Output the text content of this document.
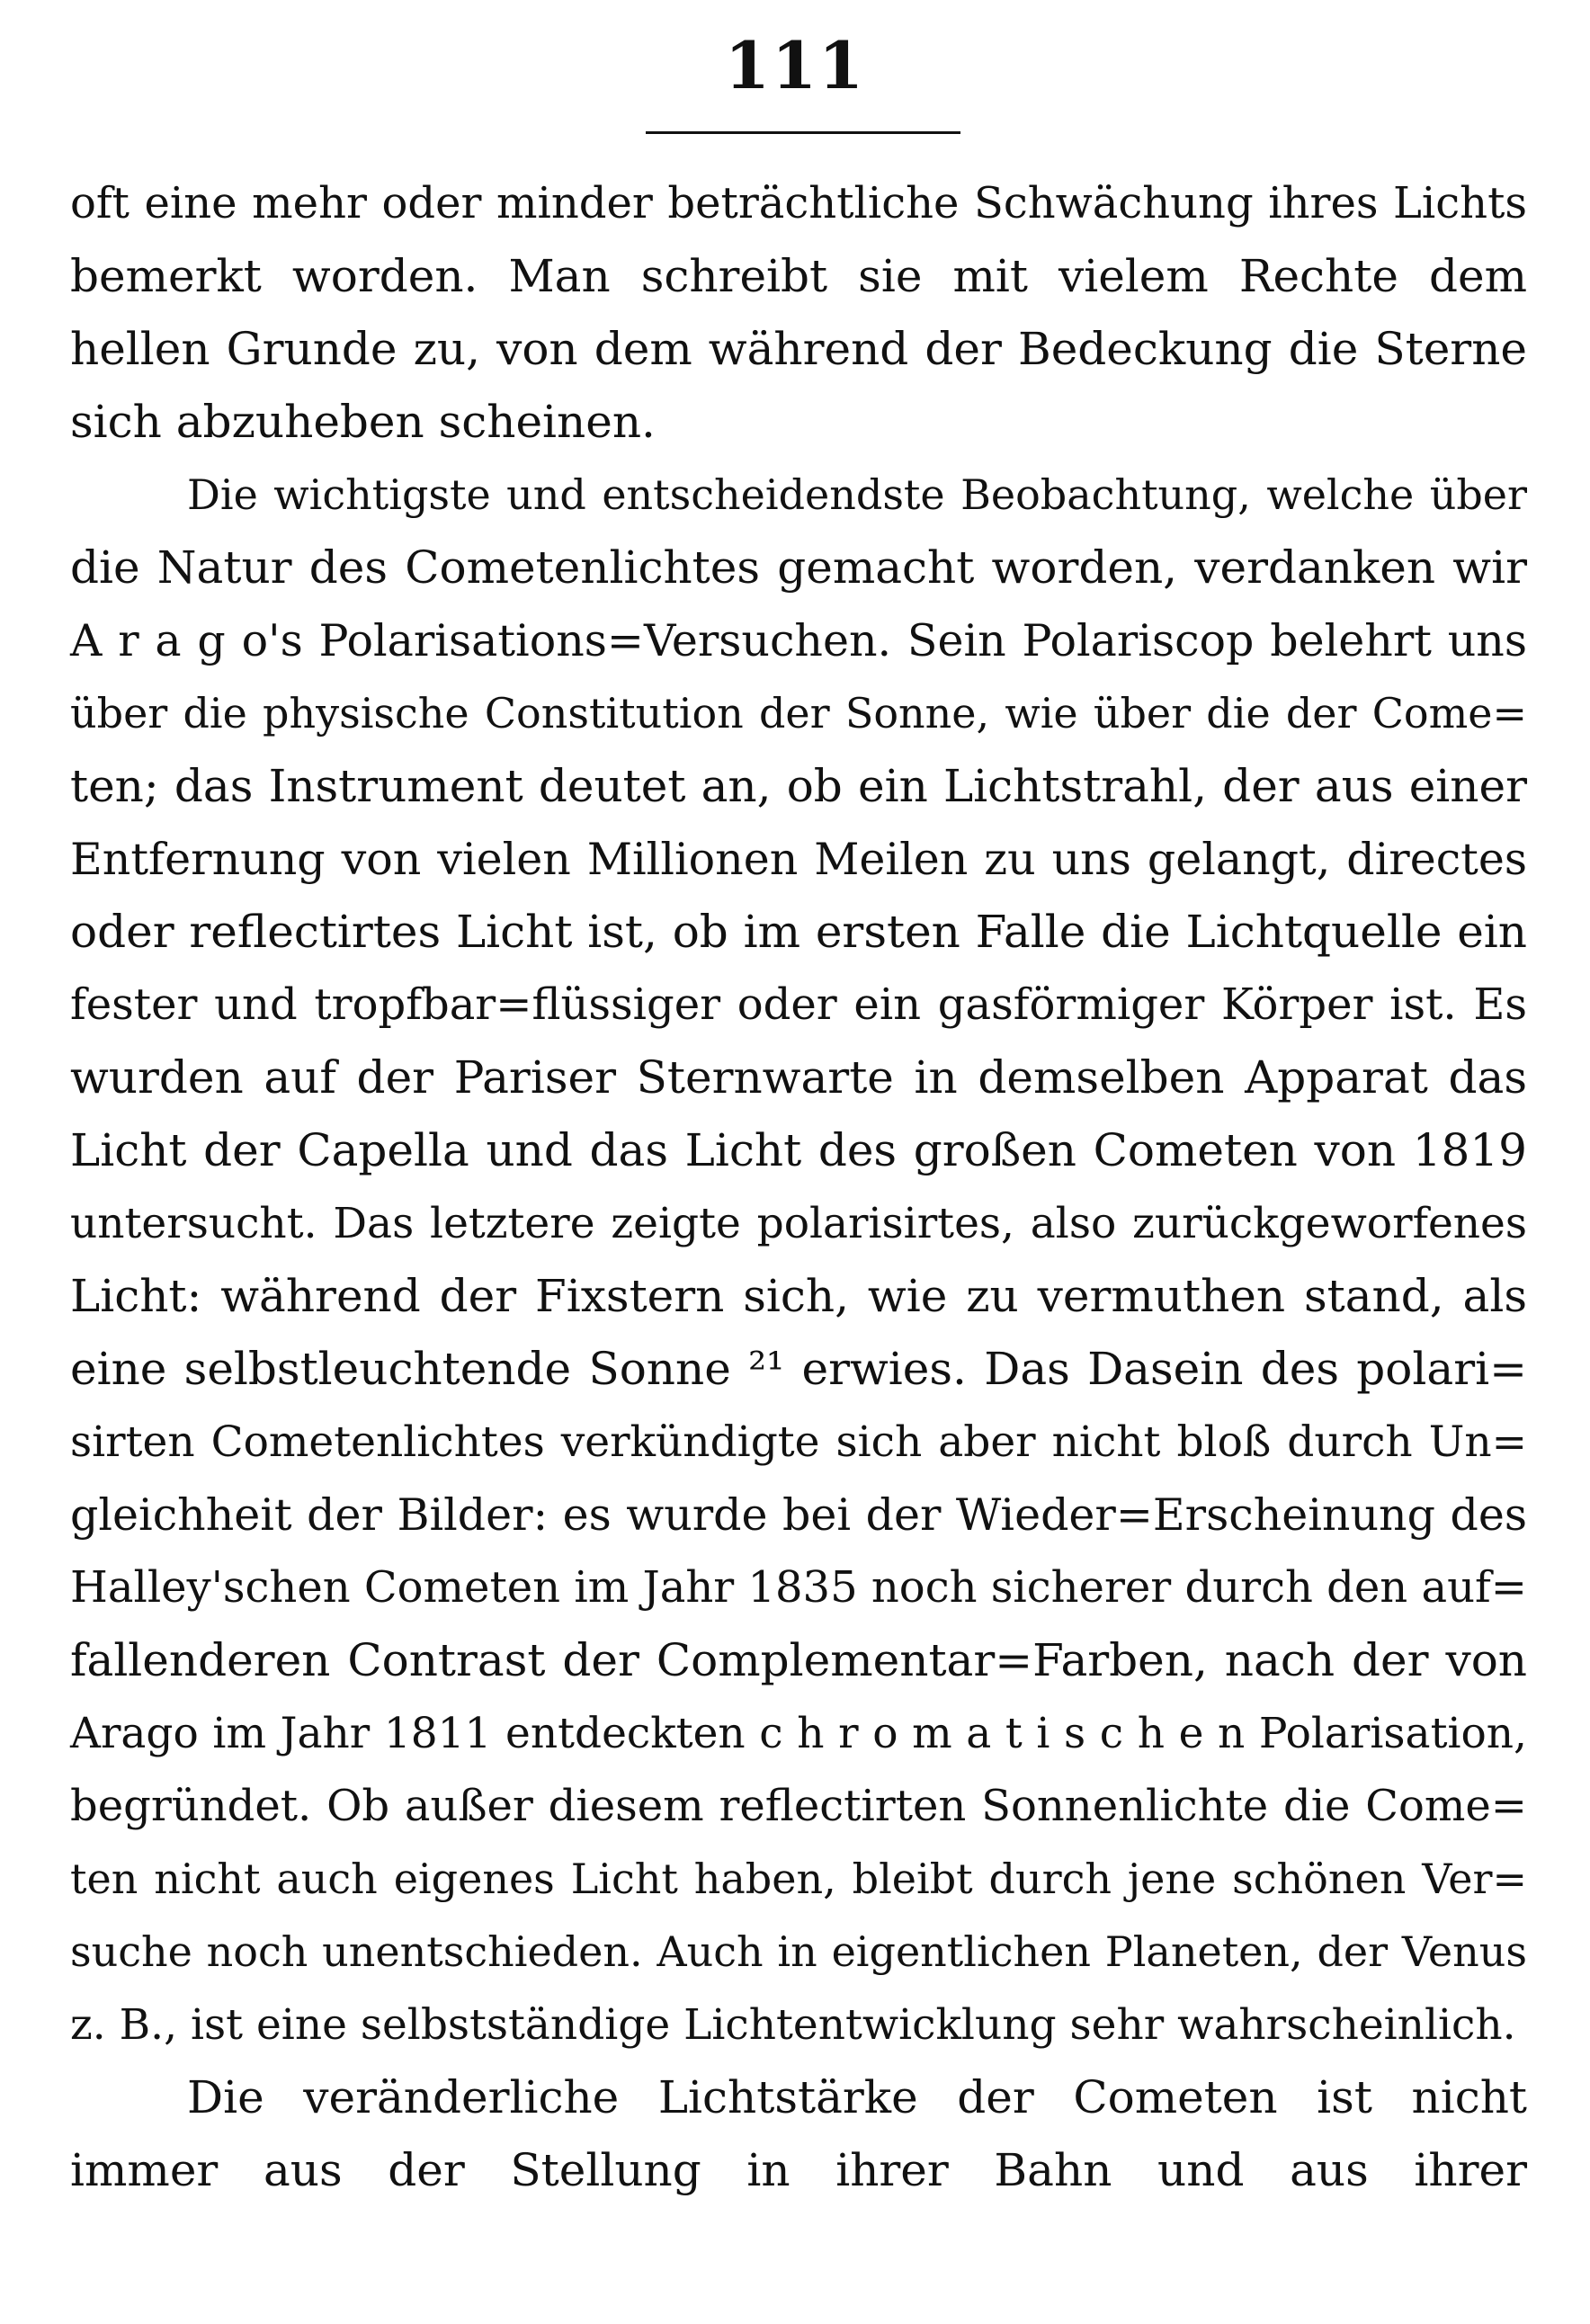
111
oft eine mehr oder minder beträchtliche Schwächung ihres Lichts
bemerkt worden. Man schreibt sie mit vielem Rechte dem
hellen Grunde zu, von dem während der Bedeckung die Sterne
sich abzuheben scheinen.
Die wichtigste und entscheidendste Beobachtung, welche über
die Natur des Cometenlichtes gemacht worden, verdanken wir
A r a g o's Polarisations=Versuchen. Sein Polariscop belehrt uns
über die physische Constitution der Sonne, wie über die der Come=
ten; das Instrument deutet an, ob ein Lichtstrahl, der aus einer
Entfernung von vielen Millionen Meilen zu uns gelangt, directes
oder reflectirtes Licht ist, ob im ersten Falle die Lichtquelle ein
fester und tropfbar=flüssiger oder ein gasförmiger Körper ist. Es
wurden auf der Pariser Sternwarte in demselben Apparat das
Licht der Capella und das Licht des großen Cometen von 1819
untersucht. Das letztere zeigte polarisirtes, also zurückgeworfenes
Licht: während der Fixstern sich, wie zu vermuthen stand, als
eine selbstleuchtende Sonne ²¹ erwies. Das Dasein des polari=
sirten Cometenlichtes verkündigte sich aber nicht bloß durch Un=
gleichheit der Bilder: es wurde bei der Wieder=Erscheinung des
Halley'schen Cometen im Jahr 1835 noch sicherer durch den auf=
fallenderen Contrast der Complementar=Farben, nach der von
Arago im Jahr 1811 entdeckten c h r o m a t i s c h e n Polarisation,
begründet. Ob außer diesem reflectirten Sonnenlichte die Come=
ten nicht auch eigenes Licht haben, bleibt durch jene schönen Ver=
suche noch unentschieden. Auch in eigentlichen Planeten, der Venus
z. B., ist eine selbstständige Lichtentwicklung sehr wahrscheinlich.
Die veränderliche Lichtstärke der Cometen ist nicht
immer aus der Stellung in ihrer Bahn und aus ihrer
